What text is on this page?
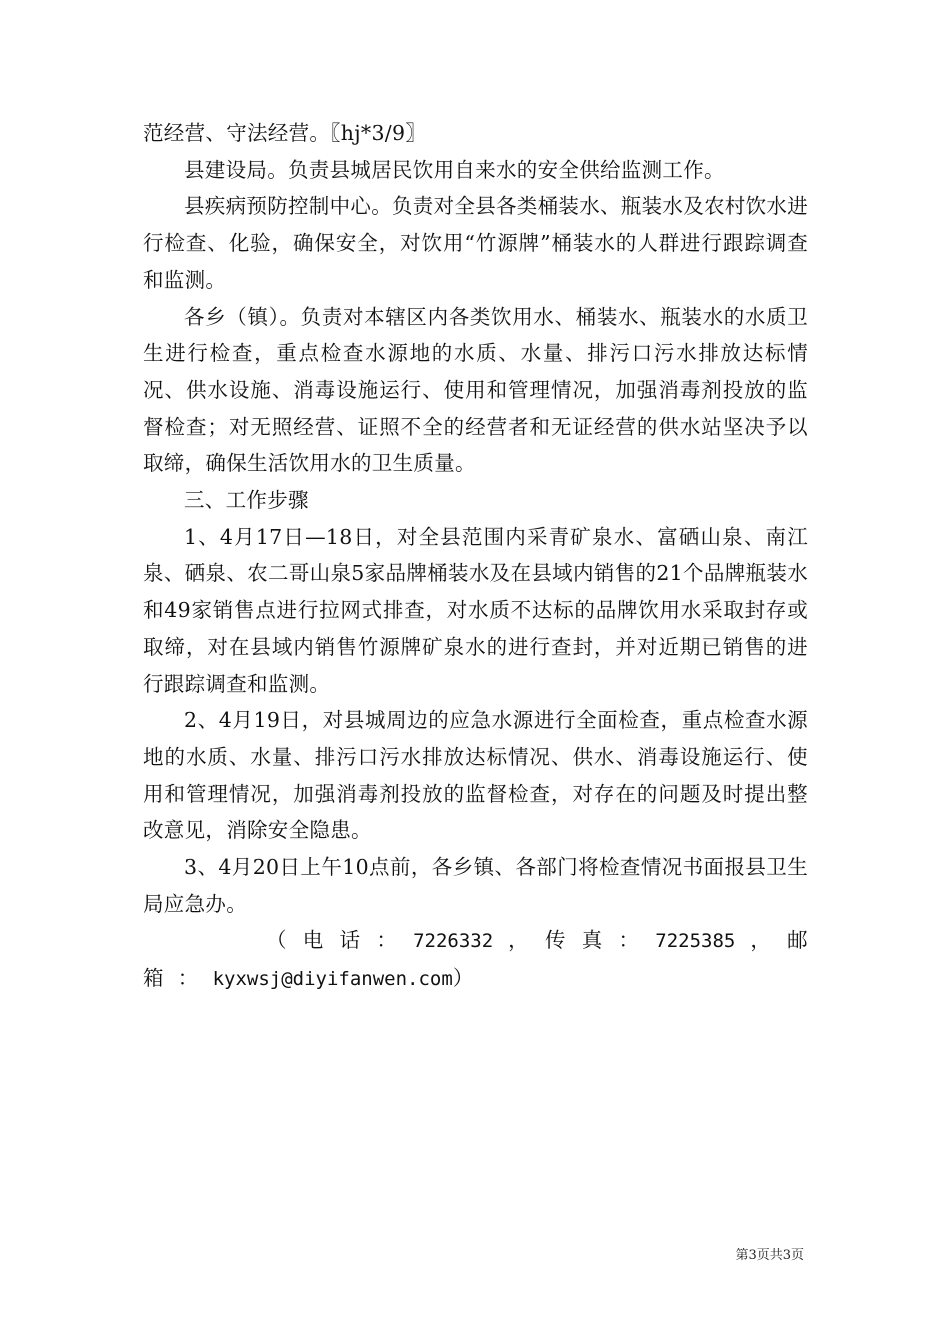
范经营、守法经营。〖hj*3/9〗

县建设局。负责县城居民饮用自来水的安全供给监测工作。

县疾病预防控制中心。负责对全县各类桶装水、瓶装水及农村饮水进行检查、化验，确保安全，对饮用“竹源牌”桶装水的人群进行跟踪调查和监测。

各乡（镇）。负责对本辖区内各类饮用水、桶装水、瓶装水的水质卫生进行检查，重点检查水源地的水质、水量、排污口污水排放达标情况、供水设施、消毒设施运行、使用和管理情况，加强消毒剂投放的监督检查；对无照经营、证照不全的经营者和无证经营的供水站坚决予以取缔，确保生活饮用水的卫生质量。

三、工作步骤

1、4月17日—18日，对全县范围内采青矿泉水、富硒山泉、南江泉、硒泉、农二哥山泉5家品牌桶装水及在县域内销售的21个品牌瓶装水和49家销售点进行拉网式排查，对水质不达标的品牌饮用水采取封存或取缔，对在县域内销售竹源牌矿泉水的进行查封，并对近期已销售的进行跟踪调查和监测。

2、4月19日，对县城周边的应急水源进行全面检查，重点检查水源地的水质、水量、排污口污水排放达标情况、供水、消毒设施运行、使用和管理情况，加强消毒剂投放的监督检查，对存在的问题及时提出整改意见，消除安全隐患。

3、4月20日上午10点前，各乡镇、各部门将检查情况书面报县卫生局应急办。

（ 电 话 ： 7226332 ， 传 真 ： 7225385 ， 邮 箱 ： kyxwsj@diyifanwen.com）

第3页共3页
